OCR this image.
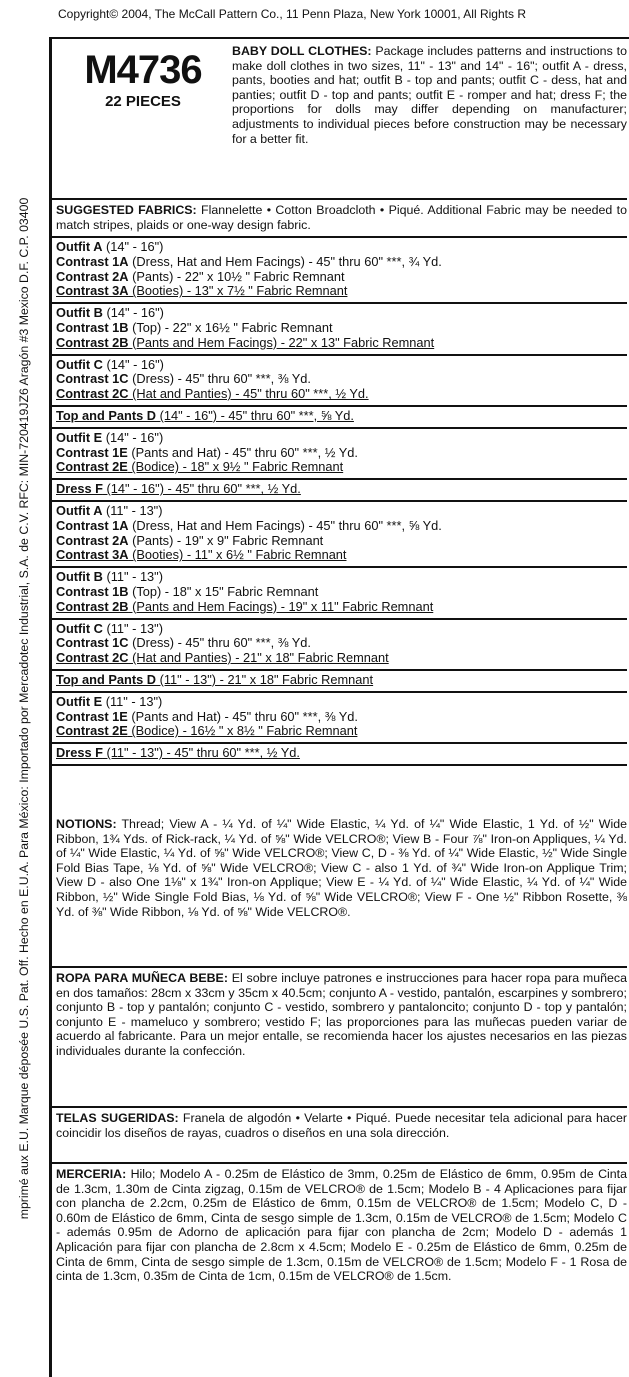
Copyright© 2004, The McCall Pattern Co., 11 Penn Plaza, New York 10001, All Rights R
mprimé aux E.U. Marque déposée U.S. Pat. Off. Hecho en E.U.A. Para México: Importado por Mercadotec Industrial, S.A. de C.V. RFC: MIN-720419JZ6 Aragón #3 Mexico D.F. C.P. 03400
M4736
22 PIECES
BABY DOLL CLOTHES: Package includes patterns and instructions to make doll clothes in two sizes, 11" - 13" and 14" - 16"; outfit A - dress, pants, booties and hat; outfit B - top and pants; outfit C - dess, hat and panties; outfit D - top and pants; outfit E - romper and hat; dress F; the proportions for dolls may differ depending on manufacturer; adjustments to individual pieces before construction may be necessary for a better fit.
SUGGESTED FABRICS: Flannelette • Cotton Broadcloth • Piqué. Additional Fabric may be needed to match stripes, plaids or one-way design fabric.
Outfit A (14" - 16")
Contrast 1A (Dress, Hat and Hem Facings) - 45" thru 60" ***, ¾ Yd.
Contrast 2A (Pants) - 22" x 10½ " Fabric Remnant
Contrast 3A (Booties) - 13" x 7½ " Fabric Remnant
Outfit B (14" - 16")
Contrast 1B (Top) - 22" x 16½ " Fabric Remnant
Contrast 2B (Pants and Hem Facings) - 22" x 13" Fabric Remnant
Outfit C (14" - 16")
Contrast 1C (Dress) - 45" thru 60" ***, ⅜ Yd.
Contrast 2C (Hat and Panties) - 45" thru 60" ***, ½ Yd.
Top and Pants D (14" - 16") - 45" thru 60" ***, ⅝ Yd.
Outfit E (14" - 16")
Contrast 1E (Pants and Hat) - 45" thru 60" ***, ½ Yd.
Contrast 2E (Bodice) - 18" x 9½ " Fabric Remnant
Dress F (14" - 16") - 45" thru 60" ***, ½ Yd.
Outfit A (11" - 13")
Contrast 1A (Dress, Hat and Hem Facings) - 45" thru 60" ***, ⅝ Yd.
Contrast 2A (Pants) - 19" x 9" Fabric Remnant
Contrast 3A (Booties) - 11" x 6½ " Fabric Remnant
Outfit B (11" - 13")
Contrast 1B (Top) - 18" x 15" Fabric Remnant
Contrast 2B (Pants and Hem Facings) - 19" x 11" Fabric Remnant
Outfit C (11" - 13")
Contrast 1C (Dress) - 45" thru 60" ***, ⅜ Yd.
Contrast 2C (Hat and Panties) - 21" x 18" Fabric Remnant
Top and Pants D (11" - 13") - 21" x 18" Fabric Remnant
Outfit E (11" - 13")
Contrast 1E (Pants and Hat) - 45" thru 60" ***, ⅜ Yd.
Contrast 2E (Bodice) - 16½ " x 8½ " Fabric Remnant
Dress F (11" - 13") - 45" thru 60" ***, ½ Yd.
NOTIONS: Thread; View A - ¼ Yd. of ¼" Wide Elastic, ¼ Yd. of ¼" Wide Elastic, 1 Yd. of ½" Wide Ribbon, 1¾ Yds. of Rick-rack, ¼ Yd. of ⅝" Wide VELCRO®; View B - Four ⅞" Iron-on Appliques, ¼ Yd. of ¼" Wide Elastic, ¼ Yd. of ⅝" Wide VELCRO®; View C, D - ⅜ Yd. of ¼" Wide Elastic, ½" Wide Single Fold Bias Tape, ⅛ Yd. of ⅝" Wide VELCRO®; View C - also 1 Yd. of ¾" Wide Iron-on Applique Trim; View D - also One 1⅛" x 1¾" Iron-on Applique; View E - ¼ Yd. of ¼" Wide Elastic, ¼ Yd. of ¼" Wide Ribbon, ½" Wide Single Fold Bias, ⅛ Yd. of ⅝" Wide VELCRO®; View F - One ½" Ribbon Rosette, ⅜ Yd. of ⅜" Wide Ribbon, ⅛ Yd. of ⅝" Wide VELCRO®.
ROPA PARA MUÑECA BEBE: El sobre incluye patrones e instrucciones para hacer ropa para muñeca en dos tamaños: 28cm x 33cm y 35cm x 40.5cm; conjunto A - vestido, pantalón, escarpines y sombrero; conjunto B - top y pantalón; conjunto C - vestido, sombrero y pantaloncito; conjunto D - top y pantalón; conjunto E - mameluco y sombrero; vestido F; las proporciones para las muñecas pueden variar de acuerdo al fabricante. Para un mejor entalle, se recomienda hacer los ajustes necesarios en las piezas individuales durante la confección.
TELAS SUGERIDAS: Franela de algodón • Velarte • Piqué. Puede necesitar tela adicional para hacer coincidir los diseños de rayas, cuadros o diseños en una sola dirección.
MERCERIA: Hilo; Modelo A - 0.25m de Elástico de 3mm, 0.25m de Elástico de 6mm, 0.95m de Cinta de 1.3cm, 1.30m de Cinta zigzag, 0.15m de VELCRO® de 1.5cm; Modelo B - 4 Aplicaciones para fijar con plancha de 2.2cm, 0.25m de Elástico de 6mm, 0.15m de VELCRO® de 1.5cm; Modelo C, D - 0.60m de Elástico de 6mm, Cinta de sesgo simple de 1.3cm, 0.15m de VELCRO® de 1.5cm; Modelo C - además 0.95m de Adorno de aplicación para fijar con plancha de 2cm; Modelo D - además 1 Aplicación para fijar con plancha de 2.8cm x 4.5cm; Modelo E - 0.25m de Elástico de 6mm, 0.25m de Cinta de 6mm, Cinta de sesgo simple de 1.3cm, 0.15m de VELCRO® de 1.5cm; Modelo F - 1 Rosa de cinta de 1.3cm, 0.35m de Cinta de 1cm, 0.15m de VELCRO® de 1.5cm.
